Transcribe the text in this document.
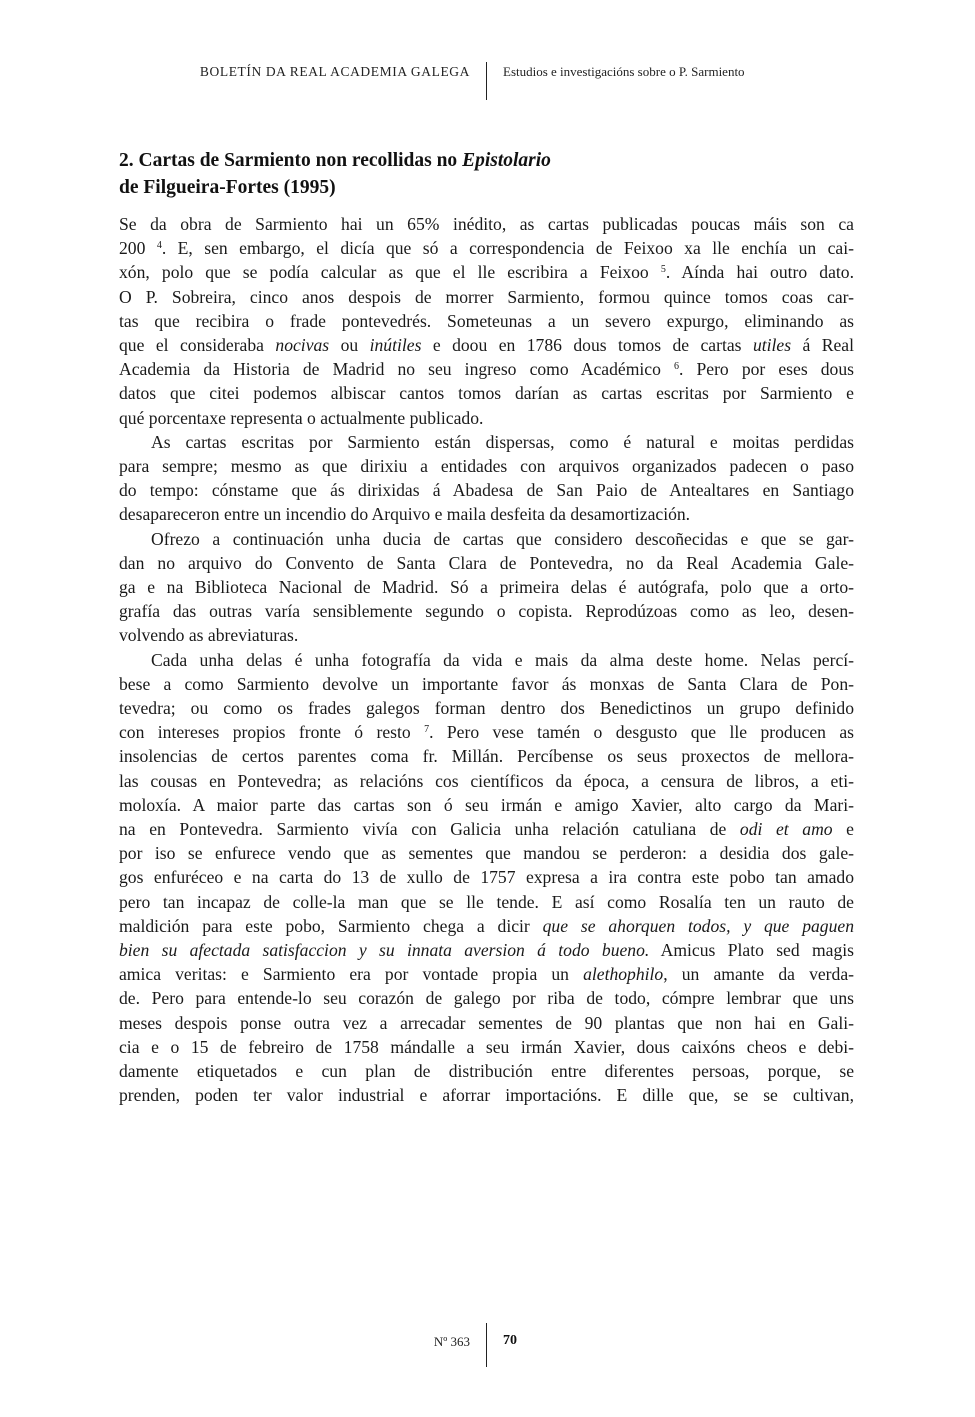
BOLETÍN DA REAL ACADEMIA GALEGA	Estudios e investigacións sobre o P. Sarmiento
2. Cartas de Sarmiento non recollidas no Epistolario
de Filgueira-Fortes (1995)
Se da obra de Sarmiento hai un 65% inédito, as cartas publicadas poucas máis son ca
200 $^4$. E, sen embargo, el dicía que só a correspondencia de Feixoo xa lle enchía un cai-
xón, polo que se podía calcular as que el lle escribira a Feixoo $^5$. Aínda hai outro dato.
O P. Sobreira, cinco anos despois de morrer Sarmiento, formou quince tomos coas car-
tas que recibira o frade pontevedrés. Someteunas a un severo expurgo, eliminando as
que el consideraba nocivas ou inútiles e doou en 1786 dous tomos de cartas utiles á Real
Academia da Historia de Madrid no seu ingreso como Académico $^6$. Pero por eses dous
datos que citei podemos albiscar cantos tomos darían as cartas escritas por Sarmiento e
qué porcentaxe representa o actualmente publicado.
As cartas escritas por Sarmiento están dispersas, como é natural e moitas perdidas
para sempre; mesmo as que dirixiu a entidades con arquivos organizados padecen o paso
do tempo: cónstame que ás dirixidas á Abadesa de San Paio de Antealtares en Santiago
desapareceron entre un incendio do Arquivo e maila desfeita da desamortización.
Ofrezo a continuación unha ducia de cartas que considero descoñecidas e que se gar-
dan no arquivo do Convento de Santa Clara de Pontevedra, no da Real Academia Gale-
ga e na Biblioteca Nacional de Madrid. Só a primeira delas é autógrafa, polo que a orto-
grafía das outras varía sensiblemente segundo o copista. Reprodúzoas como as leo, desen-
volvendo as abreviaturas.
Cada unha delas é unha fotografía da vida e mais da alma deste home. Nelas percí-
bese a como Sarmiento devolve un importante favor ás monxas de Santa Clara de Pon-
tevedra; ou como os frades galegos forman dentro dos Benedictinos un grupo definido
con intereses propios fronte ó resto $^7$. Pero vese tamén o desgusto que lle producen as
insolencias de certos parentes coma fr. Millán. Percíbense os seus proxectos de mellora-
las cousas en Pontevedra; as relacións cos científicos da época, a censura de libros, a eti-
moloxía. A maior parte das cartas son ó seu irmán e amigo Xavier, alto cargo da Mari-
na en Pontevedra. Sarmiento vivía con Galicia unha relación catuliana de odi et amo e
por iso se enfurece vendo que as sementes que mandou se perderon: a desidia dos gale-
gos enfuréceo e na carta do 13 de xullo de 1757 expresa a ira contra este pobo tan amado
pero tan incapaz de colle-la man que se lle tende. E así como Rosalía ten un rauto de
maldición para este pobo, Sarmiento chega a dicir que se ahorquen todos, y que paguen
bien su afectada satisfaccion y su innata aversion á todo bueno. Amicus Plato sed magis
amica veritas: e Sarmiento era por vontade propia un alethophilo, un amante da verda-
de. Pero para entende-lo seu corazón de galego por riba de todo, cómpre lembrar que uns
meses despois ponse outra vez a arrecadar sementes de 90 plantas que non hai en Gali-
cia e o 15 de febreiro de 1758 mándalle a seu irmán Xavier, dous caixóns cheos e debi-
damente etiquetados e cun plan de distribución entre diferentes persoas, porque, se
prenden, poden ter valor industrial e aforrar importacións. E dille que, se se cultivan,
Nº 363 70
